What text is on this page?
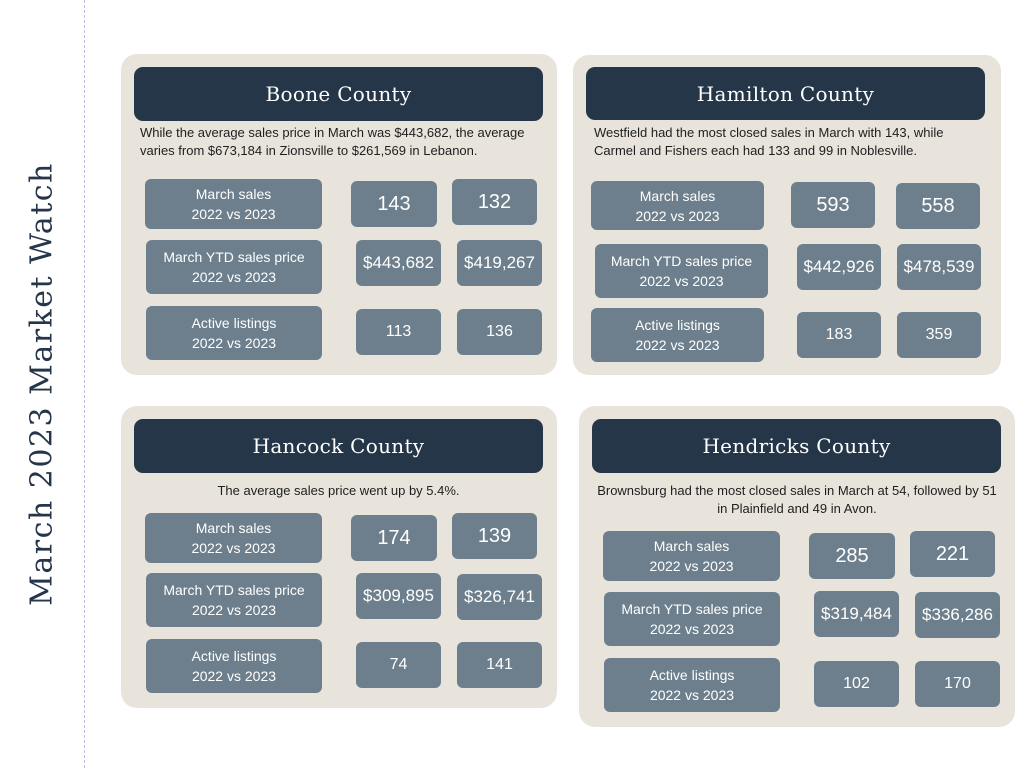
March 2023 Market Watch
Boone County
While the average sales price in March was $443,682, the average varies from $673,184 in Zionsville to $261,569 in Lebanon.
March sales
2022 vs 2023	143	132
March YTD sales price
2022 vs 2023
$443,682	$419,267
Active listings
2022 vs 2023
113	136
Hamilton County
Westfield had the most closed sales in March with 143, while Carmel and Fishers each had 133 and 99 in Noblesville.
March sales
2022 vs 2023	593	558
March YTD sales price
2022 vs 2023
$442,926	$478,539
Active listings
2022 vs 2023
183	359
Hancock County
The average sales price went up by 5.4%.
March sales
2022 vs 2023	174	139
March YTD sales price
2022 vs 2023
$309,895	$326,741
Active listings
2022 vs 2023
74	141
Hendricks County
Brownsburg had the most closed sales in March at 54, followed by 51 in Plainfield and 49 in Avon.
March sales
2022 vs 2023	285	221
March YTD sales price
2022 vs 2023
$319,484	$336,286
Active listings
2022 vs 2023
102	170
